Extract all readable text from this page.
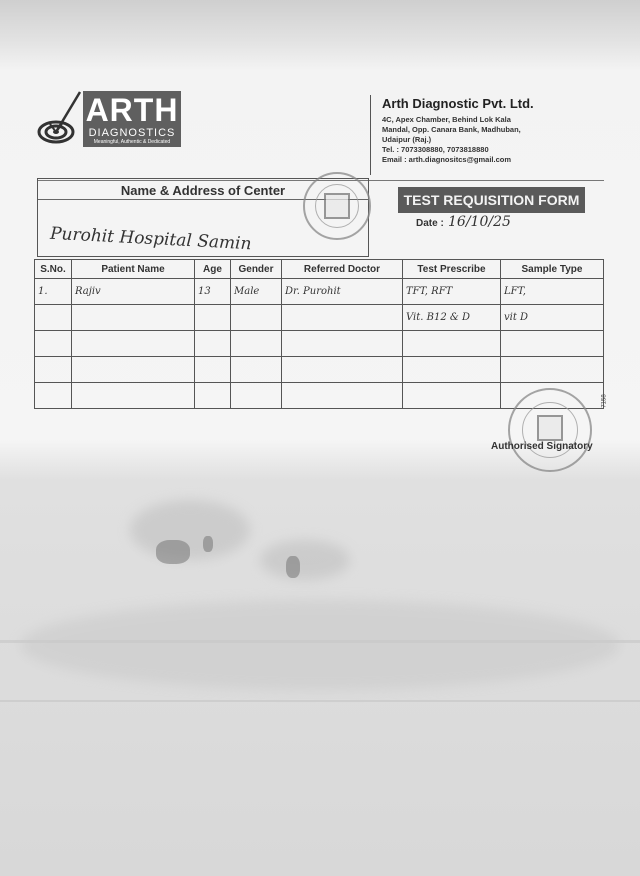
ARTH
DIAGNOSTICS
Meaningful, Authentic & Dedicated
Arth Diagnostic Pvt. Ltd.
4C, Apex Chamber, Behind Lok Kala
Mandal, Opp. Canara Bank, Madhuban,
Udaipur (Raj.)
Tel. : 7073308880, 7073818880
Email : arth.diagnositcs@gmail.com
Name & Address of Center
Purohit Hospital Samin
TEST REQUISITION FORM
Date : 16/10/25
S.No.	Patient Name	Age	Gender	Referred Doctor	Test Prescribe	Sample Type
1.	Rajiv	13	Male	Dr. Purohit	TFT, RFT	LFT,
					Vit. B12 & D	vit D

7158
Authorised Signatory
